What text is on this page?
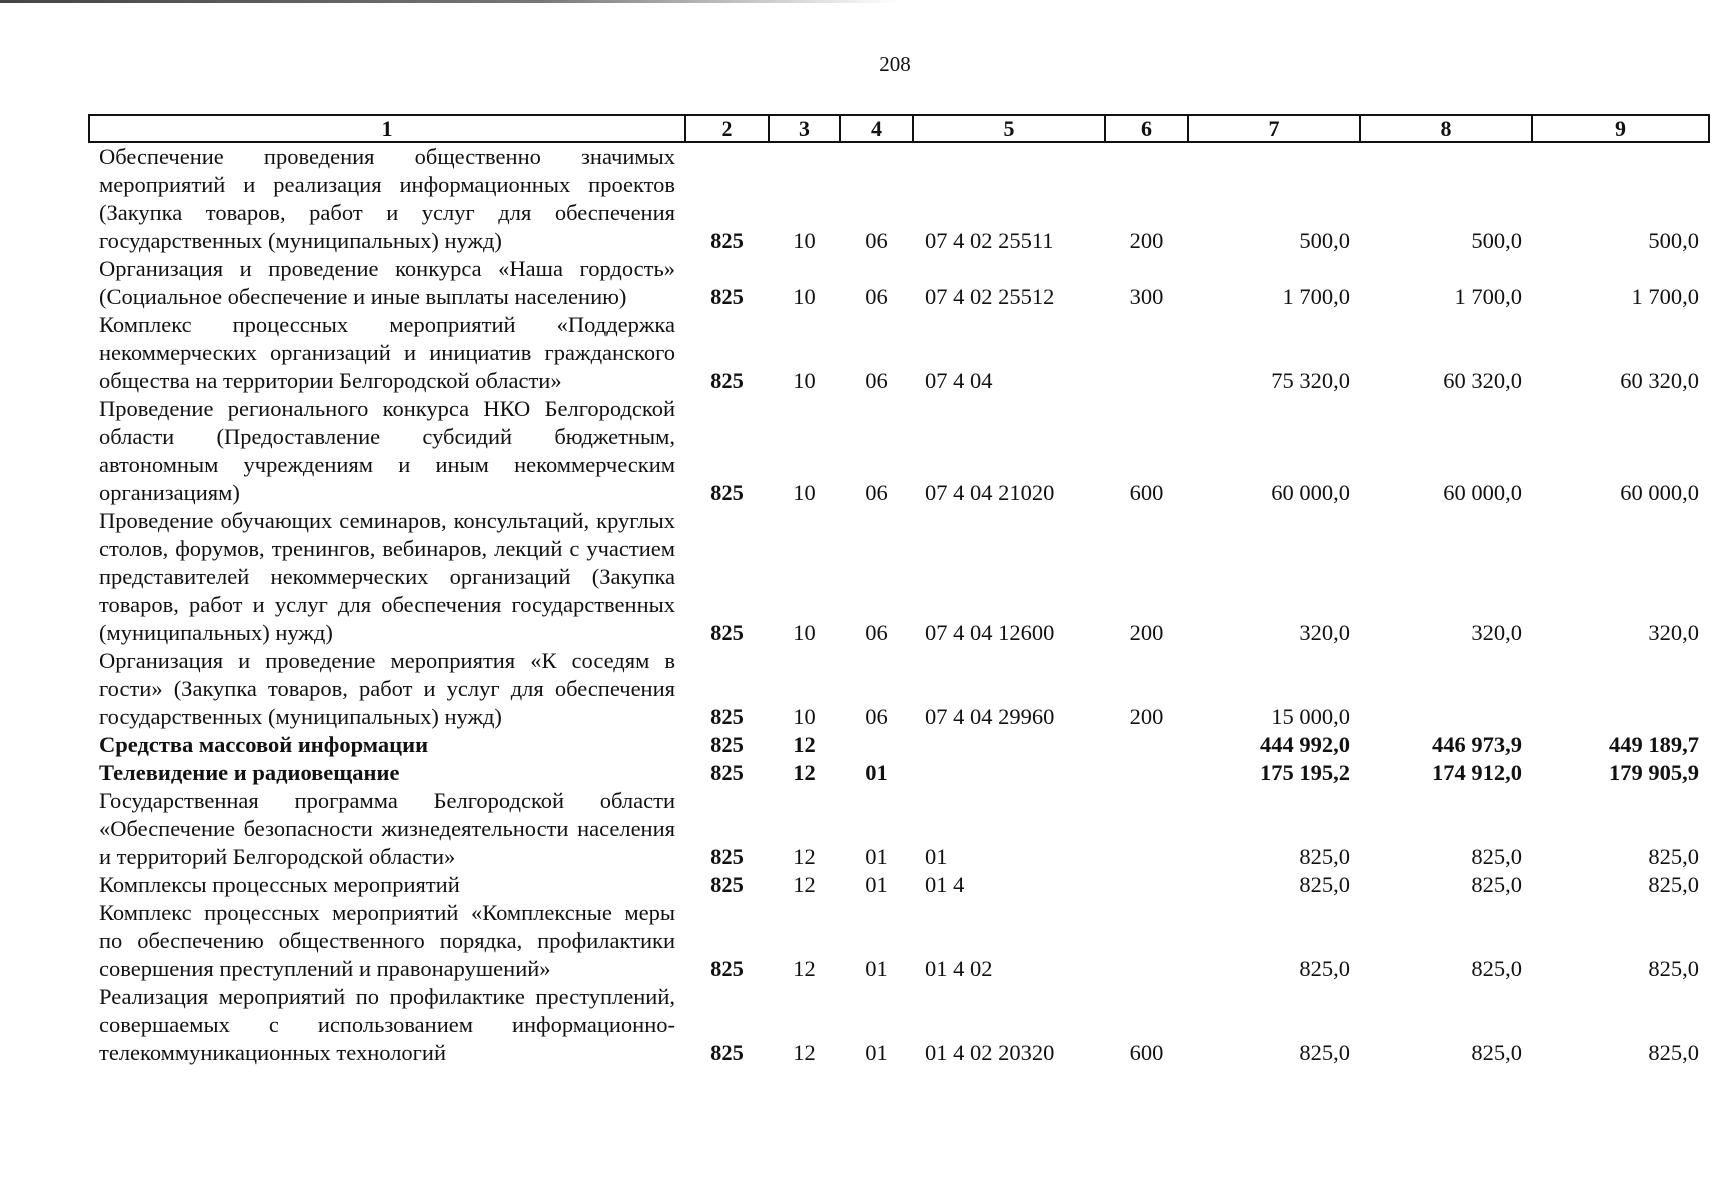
208
1	2	3	4	5	6	7	8	9
Обеспечение проведения общественно значимых мероприятий и реализация информационных проектов (Закупка товаров, работ и услуг для обеспечения государственных (муниципальных) нужд)	825	10	06	07 4 02 25511	200	500,0	500,0	500,0
Организация и проведение конкурса «Наша гордость» (Социальное обеспечение и иные выплаты населению)	825	10	06	07 4 02 25512	300	1 700,0	1 700,0	1 700,0
Комплекс процессных мероприятий «Поддержка некоммерческих организаций и инициатив гражданского общества на территории Белгородской области»	825	10	06	07 4 04		75 320,0	60 320,0	60 320,0
Проведение регионального конкурса НКО Белгородской области (Предоставление субсидий бюджетным, автономным учреждениям и иным некоммерческим организациям)	825	10	06	07 4 04 21020	600	60 000,0	60 000,0	60 000,0
Проведение обучающих семинаров, консультаций, круглых столов, форумов, тренингов, вебинаров, лекций с участием представителей некоммерческих организаций (Закупка товаров, работ и услуг для обеспечения государственных (муниципальных) нужд)	825	10	06	07 4 04 12600	200	320,0	320,0	320,0
Организация и проведение мероприятия «К соседям в гости» (Закупка товаров, работ и услуг для обеспечения государственных (муниципальных) нужд)	825	10	06	07 4 04 29960	200	15 000,0		
Средства массовой информации	825	12				444 992,0	446 973,9	449 189,7
Телевидение и радиовещание	825	12	01			175 195,2	174 912,0	179 905,9
Государственная программа Белгородской области «Обеспечение безопасности жизнедеятельности населения и территорий Белгородской области»	825	12	01	01		825,0	825,0	825,0
Комплексы процессных мероприятий	825	12	01	01 4		825,0	825,0	825,0
Комплекс процессных мероприятий «Комплексные меры по обеспечению общественного порядка, профилактики совершения преступлений и правонарушений»	825	12	01	01 4 02		825,0	825,0	825,0
Реализация мероприятий по профилактике преступлений, совершаемых с использованием информационно-телекоммуникационных технологий	825	12	01	01 4 02 20320	600	825,0	825,0	825,0
